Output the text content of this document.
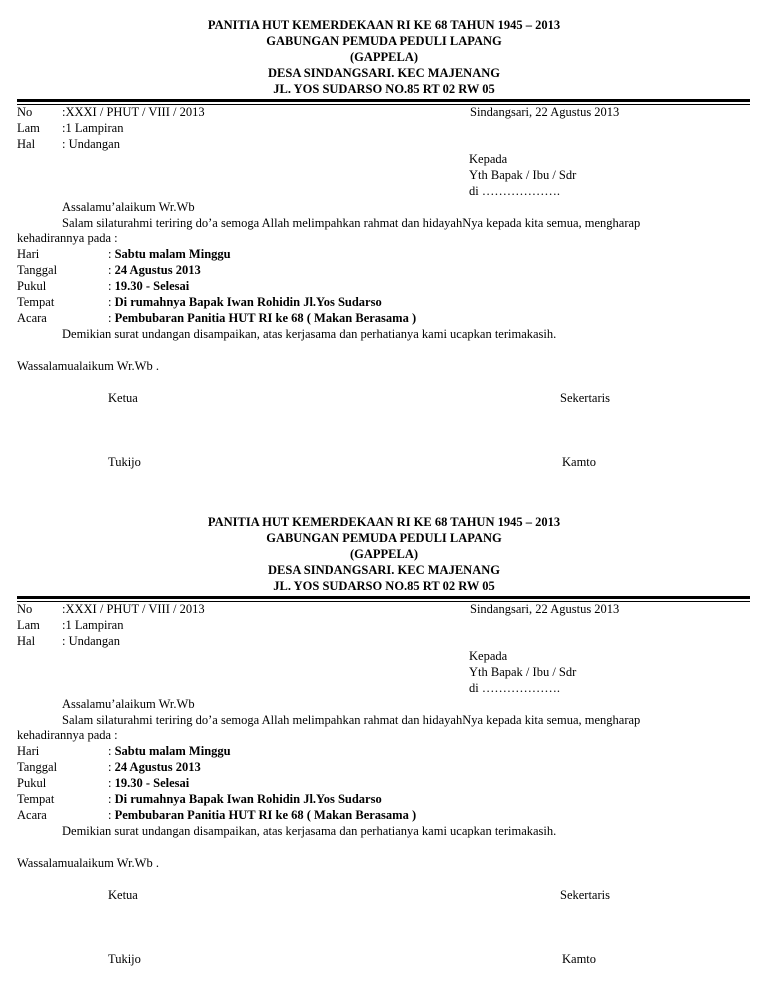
PANITIA HUT KEMERDEKAAN RI KE 68 TAHUN 1945 – 2013
GABUNGAN PEMUDA PEDULI LAPANG
(GAPPELA)
DESA SINDANGSARI. KEC MAJENANG
JL. YOS SUDARSO NO.85 RT 02 RW 05
No :XXXI / PHUT / VIII / 2013	Sindangsari, 22 Agustus 2013
Lam :1 Lampiran
Hal : Undangan
Kepada
Yth Bapak / Ibu / Sdr
di ……………….
Assalamu’alaikum Wr.Wb
Salam silaturahmi teriring do’a semoga Allah melimpahkan rahmat dan hidayahNya kepada kita semua, mengharap
kehadirannya pada :
Hari	: Sabtu malam Minggu
Tanggal	: 24 Agustus 2013
Pukul	: 19.30 - Selesai
Tempat	: Di rumahnya Bapak Iwan Rohidin Jl.Yos Sudarso
Acara	: Pembubaran Panitia HUT RI ke 68 ( Makan Berasama )
Demikian surat undangan disampaikan, atas kerjasama dan perhatianya kami ucapkan terimakasih.
Wassalamualaikum Wr.Wb .
Ketua	Sekertaris
Tukijo	Kamto
PANITIA HUT KEMERDEKAAN RI KE 68 TAHUN 1945 – 2013
GABUNGAN PEMUDA PEDULI LAPANG
(GAPPELA)
DESA SINDANGSARI. KEC MAJENANG
JL. YOS SUDARSO NO.85 RT 02 RW 05
No :XXXI / PHUT / VIII / 2013	Sindangsari, 22 Agustus 2013
Lam :1 Lampiran
Hal : Undangan
Kepada
Yth Bapak / Ibu / Sdr
di ……………….
Assalamu’alaikum Wr.Wb
Salam silaturahmi teriring do’a semoga Allah melimpahkan rahmat dan hidayahNya kepada kita semua, mengharap
kehadirannya pada :
Hari	: Sabtu malam Minggu
Tanggal	: 24 Agustus 2013
Pukul	: 19.30 - Selesai
Tempat	: Di rumahnya Bapak Iwan Rohidin Jl.Yos Sudarso
Acara	: Pembubaran Panitia HUT RI ke 68 ( Makan Berasama )
Demikian surat undangan disampaikan, atas kerjasama dan perhatianya kami ucapkan terimakasih.
Wassalamualaikum Wr.Wb .
Ketua	Sekertaris
Tukijo	Kamto
